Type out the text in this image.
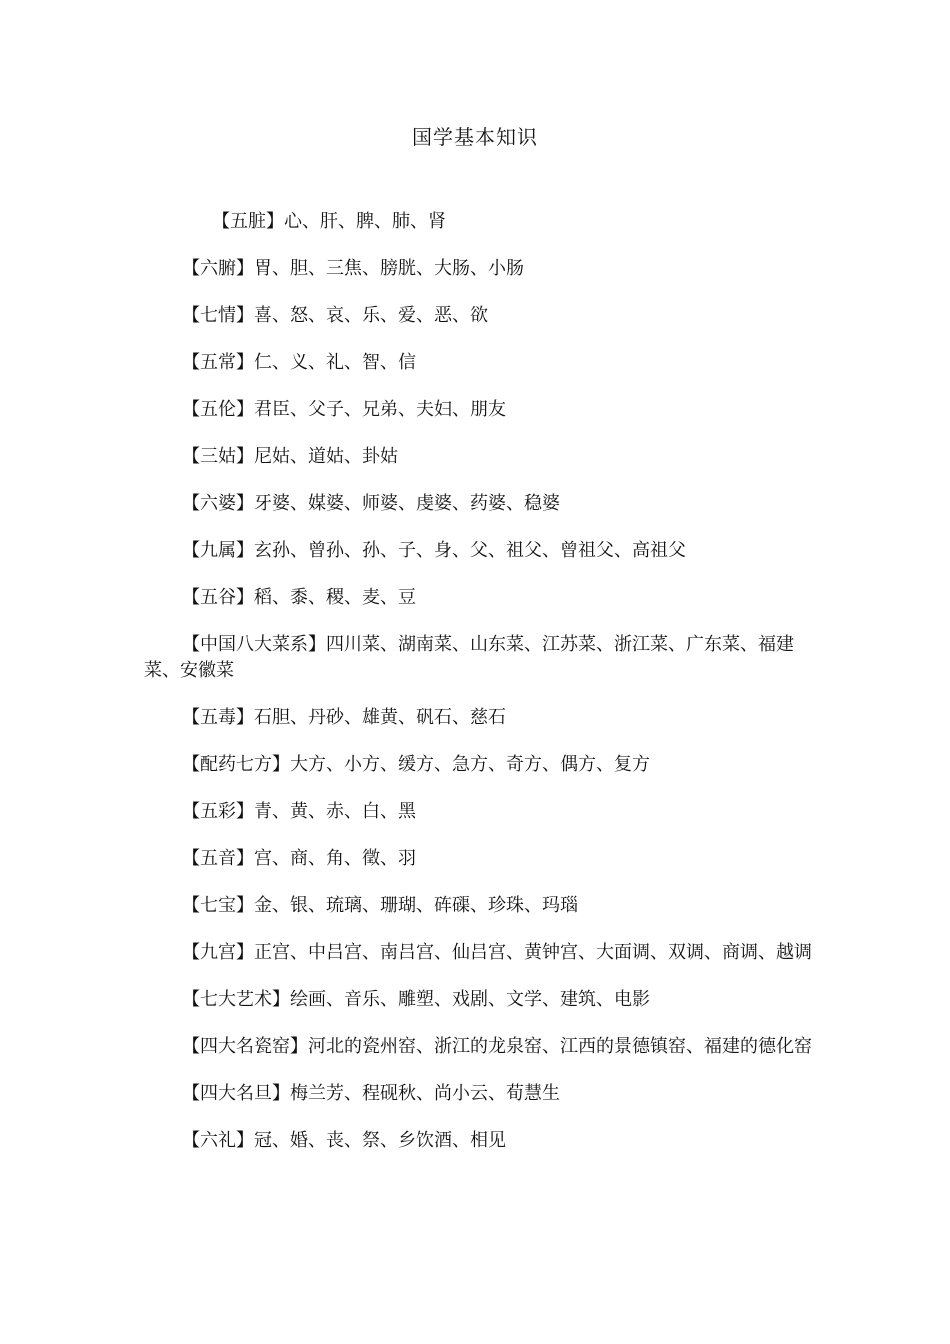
国学基本知识

【五脏】心、肝、脾、肺、肾

【六腑】胃、胆、三焦、膀胱、大肠、小肠

【七情】喜、怒、哀、乐、爱、恶、欲

【五常】仁、义、礼、智、信

【五伦】君臣、父子、兄弟、夫妇、朋友

【三姑】尼姑、道姑、卦姑

【六婆】牙婆、媒婆、师婆、虔婆、药婆、稳婆

【九属】玄孙、曾孙、孙、子、身、父、祖父、曾祖父、高祖父

【五谷】稻、黍、稷、麦、豆

【中国八大菜系】四川菜、湖南菜、山东菜、江苏菜、浙江菜、广东菜、福建菜、安徽菜

【五毒】石胆、丹砂、雄黄、矾石、慈石

【配药七方】大方、小方、缓方、急方、奇方、偶方、复方

【五彩】青、黄、赤、白、黑

【五音】宫、商、角、徵、羽

【七宝】金、银、琉璃、珊瑚、砗磲、珍珠、玛瑙

【九宫】正宫、中吕宫、南吕宫、仙吕宫、黄钟宫、大面调、双调、商调、越调

【七大艺术】绘画、音乐、雕塑、戏剧、文学、建筑、电影

【四大名瓷窑】河北的瓷州窑、浙江的龙泉窑、江西的景德镇窑、福建的德化窑

【四大名旦】梅兰芳、程砚秋、尚小云、荀慧生

【六礼】冠、婚、丧、祭、乡饮酒、相见
